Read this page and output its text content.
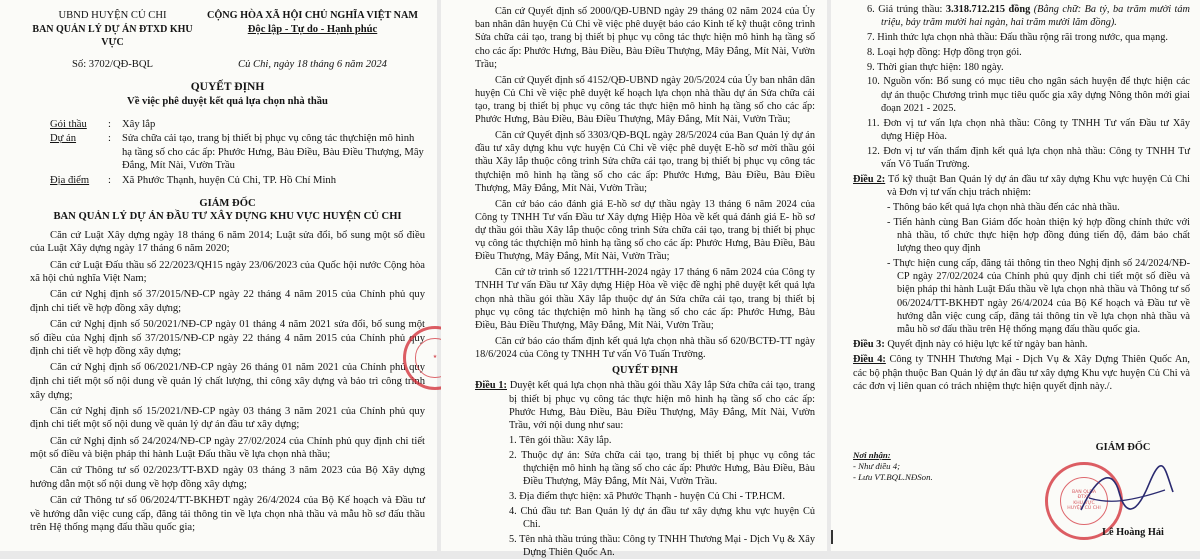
UBND HUYỆN CỦ CHI
BAN QUẢN LÝ DỰ ÁN ĐTXD KHU VỰC
CỘNG HÒA XÃ HỘI CHỦ NGHĨA VIỆT NAM
Độc lập - Tự do - Hạnh phúc
Số: 3702/QĐ-BQL	Củ Chi, ngày 18 tháng 6 năm 2024
QUYẾT ĐỊNH
Về việc phê duyệt kết quả lựa chọn nhà thầu
Gói thầu	:	Xây lắp
Dự án	:	Sửa chữa cải tạo, trang bị thiết bị phục vụ công tác thựchiện mô hình hạ tầng số cho các ấp: Phước Hưng, Bàu Điều, Bàu Điều Thượng, Mây Đắng, Mít Nài, Vườn Trầu
Địa điểm	:	Xã Phước Thạnh, huyện Củ Chi, TP. Hồ Chí Minh
GIÁM ĐỐC
BAN QUẢN LÝ DỰ ÁN ĐẦU TƯ XÂY DỰNG KHU VỰC HUYỆN CỦ CHI

Căn cứ Luật Xây dựng ngày 18 tháng 6 năm 2014; Luật sửa đổi, bổ sung một số điều của Luật Xây dựng ngày 17 tháng 6 năm 2020;

Căn cứ Luật Đấu thầu số 22/2023/QH15 ngày 23/06/2023 của Quốc hội nước Cộng hòa xã hội chủ nghĩa Việt Nam;

Căn cứ Nghị định số 37/2015/NĐ-CP ngày 22 tháng 4 năm 2015 của Chính phủ quy định chi tiết về hợp đồng xây dựng;

Căn cứ Nghị định số 50/2021/NĐ-CP ngày 01 tháng 4 năm 2021 sửa đổi, bổ sung một số điều của Nghị định số 37/2015/NĐ-CP ngày 22 tháng 4 năm 2015 của Chính phủ quy định chi tiết về hợp đồng xây dựng;

Căn cứ Nghị định số 06/2021/NĐ-CP ngày 26 tháng 01 năm 2021 của Chính phủ quy định chi tiết một số nội dung về quản lý chất lượng, thi công xây dựng và bảo trì công trình xây dựng;

Căn cứ Nghị định số 15/2021/NĐ-CP ngày 03 tháng 3 năm 2021 của Chính phủ quy định chi tiết một số nội dung về quản lý dự án đầu tư xây dựng;

Căn cứ Nghị định số 24/2024/NĐ-CP ngày 27/02/2024 của Chính phủ quy định chi tiết một số điều và biện pháp thi hành Luật Đấu thầu về lựa chọn nhà thầu;

Căn cứ Thông tư số 02/2023/TT-BXD ngày 03 tháng 3 năm 2023 của Bộ Xây dựng hướng dẫn một số nội dung về hợp đồng xây dựng;

Căn cứ Thông tư số 06/2024/TT-BKHĐT ngày 26/4/2024 của Bộ Kế hoạch và Đầu tư về hướng dẫn việc cung cấp, đăng tải thông tin về lựa chọn nhà thầu và mẫu hồ sơ đấu thầu trên Hệ thống mạng đấu thầu quốc gia;

★

Căn cứ Quyết định số 2000/QĐ-UBND ngày 29 tháng 02 năm 2024 của Ủy ban nhân dân huyện Củ Chi về việc phê duyệt báo cáo Kinh tế kỹ thuật công trình Sửa chữa cải tạo, trang bị thiết bị phục vụ công tác thực hiện mô hình hạ tầng số cho các ấp: Phước Hưng, Bàu Điều, Bàu Điều Thượng, Mây Đắng, Mít Nài, Vườn Trầu;

Căn cứ Quyết định số 4152/QĐ-UBND ngày 20/5/2024 của Ủy ban nhân dân huyện Củ Chi về việc phê duyệt kế hoạch lựa chọn nhà thầu dự án Sửa chữa cải tạo, trang bị thiết bị phục vụ công tác thực hiện mô hình hạ tầng số cho các ấp: Phước Hưng, Bàu Điều, Bàu Điều Thượng, Mây Đắng, Mít Nài, Vườn Trầu;

Căn cứ Quyết định số 3303/QĐ-BQL ngày 28/5/2024 của Ban Quản lý dự án đầu tư xây dựng khu vực huyện Củ Chi về việc phê duyệt E-hồ sơ mời thầu gói thầu Xây lắp thuộc công trình Sửa chữa cải tạo, trang bị thiết bị phục vụ công tác thựchiện mô hình hạ tầng số cho các ấp: Phước Hưng, Bàu Điều, Bàu Điều Thượng, Mây Đắng, Mít Nài, Vườn Trầu;

Căn cứ báo cáo đánh giá E-hồ sơ dự thầu ngày 13 tháng 6 năm 2024 của Công ty TNHH Tư vấn Đầu tư Xây dựng Hiệp Hòa về kết quả đánh giá E- hồ sơ dự thầu gói thầu Xây lắp thuộc công trình Sửa chữa cải tạo, trang bị thiết bị phục vụ công tác thựchiện mô hình hạ tầng số cho các ấp: Phước Hưng, Bàu Điều, Bàu Điều Thượng, Mây Đắng, Mít Nài, Vườn Trầu;

Căn cứ tờ trình số 1221/TTHH-2024 ngày 17 tháng 6 năm 2024 của Công ty TNHH Tư vấn Đầu tư Xây dựng Hiệp Hòa về việc đề nghị phê duyệt kết quả lựa chọn nhà thầu gói thầu Xây lắp thuộc dự án Sửa chữa cải tạo, trang bị thiết bị phục vụ công tác thựchiện mô hình hạ tầng số cho các ấp: Phước Hưng, Bàu Điều, Bàu Điều Thượng, Mây Đắng, Mít Nài, Vườn Trầu;

Căn cứ báo cáo thẩm định kết quả lựa chọn nhà thầu số 620/BCTĐ-TT ngày 18/6/2024 của Công ty TNHH Tư vấn Võ Tuấn Trường.

QUYẾT ĐỊNH
Điều 1: Duyệt kết quả lựa chọn nhà thầu gói thầu Xây lắp Sửa chữa cải tạo, trang bị thiết bị phục vụ công tác thực hiện mô hình hạ tầng số cho các ấp: Phước Hưng, Bàu Điều, Bàu Điều Thượng, Mây Đắng, Mít Nài, Vườn Trầu, với nội dung như sau:
1. Tên gói thầu: Xây lắp.
2. Thuộc dự án: Sửa chữa cải tạo, trang bị thiết bị phục vụ công tác thựchiện mô hình hạ tầng số cho các ấp: Phước Hưng, Bàu Điều, Bàu Điều Thượng, Mây Đắng, Mít Nài, Vườn Trầu.
3. Địa điểm thực hiện: xã Phước Thạnh - huyện Củ Chi - TP.HCM.
4. Chủ đầu tư: Ban Quản lý dự án đầu tư xây dựng khu vực huyện Củ Chi.
5. Tên nhà thầu trúng thầu: Công ty TNHH Thương Mại - Dịch Vụ & Xây Dựng Thiên Quốc An.
6. Giá trúng thầu: 3.318.712.215 đồng (Bằng chữ: Ba tỷ, ba trăm mười tám triệu, bảy trăm mười hai ngàn, hai trăm mười lăm đồng).
7. Hình thức lựa chọn nhà thầu: Đấu thầu rộng rãi trong nước, qua mạng.
8. Loại hợp đồng: Hợp đồng trọn gói.
9. Thời gian thực hiện: 180 ngày.
10. Nguồn vốn: Bổ sung có mục tiêu cho ngân sách huyện để thực hiện các dự án thuộc Chương trình mục tiêu quốc gia xây dựng Nông thôn mới giai đoạn 2021 - 2025.
11. Đơn vị tư vấn lựa chọn nhà thầu: Công ty TNHH Tư vấn Đầu tư Xây dựng Hiệp Hòa.
12. Đơn vị tư vấn thẩm định kết quả lựa chọn nhà thầu: Công ty TNHH Tư vấn Võ Tuấn Trường.
Điều 2: Tổ kỹ thuật Ban Quản lý dự án đầu tư xây dựng Khu vực huyện Củ Chi và Đơn vị tư vấn chịu trách nhiệm:
- Thông báo kết quả lựa chọn nhà thầu đến các nhà thầu.
- Tiến hành cùng Ban Giám đốc hoàn thiện ký hợp đồng chính thức với nhà thầu, tổ chức thực hiện hợp đồng đúng tiến độ, đảm bảo chất lượng theo quy định
- Thực hiện cung cấp, đăng tải thông tin theo Nghị định số 24/2024/NĐ-CP ngày 27/02/2024 của Chính phủ quy định chi tiết một số điều và biện pháp thi hành Luật Đấu thầu về lựa chọn nhà thầu và Thông tư số 06/2024/TT-BKHĐT ngày 26/4/2024 của Bộ Kế hoạch và Đầu tư về hướng dẫn việc cung cấp, đăng tải thông tin về lựa chọn nhà thầu và mẫu hồ sơ đấu thầu trên Hệ thống mạng đấu thầu quốc gia.
Điều 3: Quyết định này có hiệu lực kể từ ngày ban hành.
Điều 4: Công ty TNHH Thương Mại - Dịch Vụ & Xây Dựng Thiên Quốc An, các bộ phận thuộc Ban Quản lý dự án đầu tư xây dựng Khu vực huyện Củ Chi và các đơn vị liên quan có trách nhiệm thực hiện quyết định này./.
Nơi nhận:
- Như điều 4;
- Lưu VT.BQL.NĐSon.
GIÁM ĐỐC
BAN QLDA
ĐTXD
KHU VỰC
HUYỆN CỦ CHI
Lê Hoàng Hải
